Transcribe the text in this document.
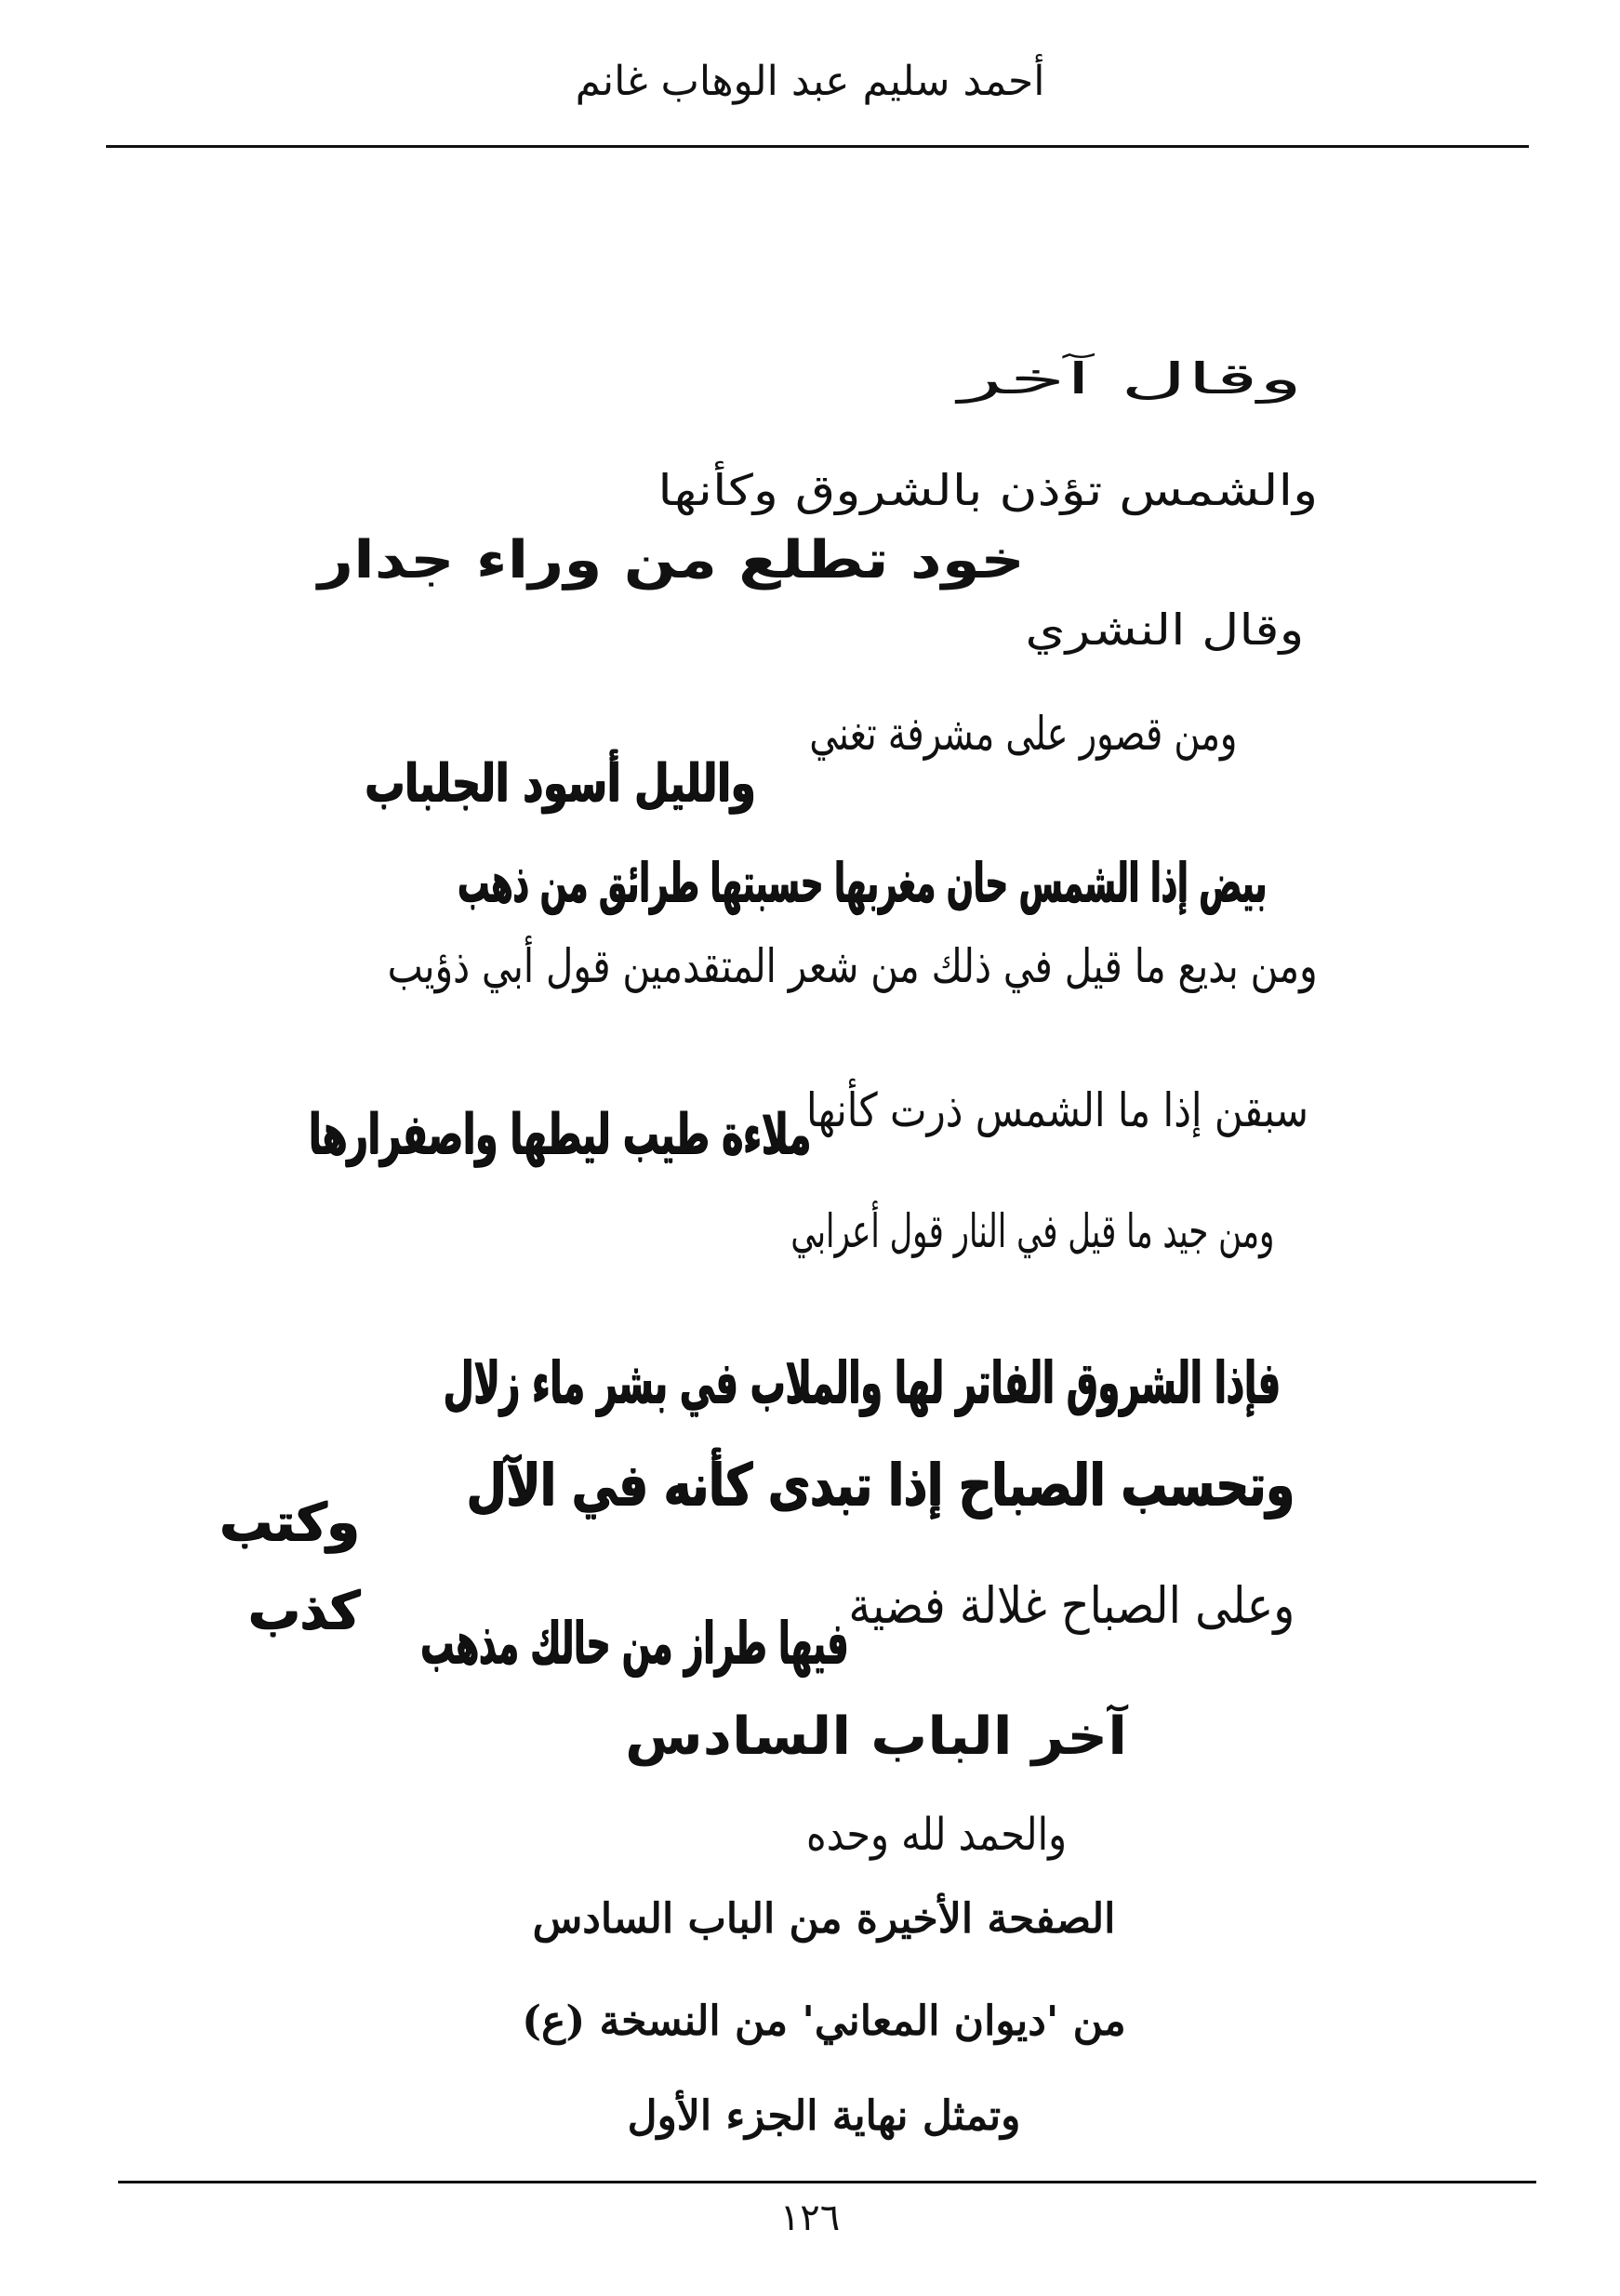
أحمد سليم عبد الوهاب غانم
وقال آخر
والشمس تؤذن بالشروق وكأنها
خود تطلع من وراء جدار
وقال النشري
ومن قصور على مشرفة تغني
والليل أسود الجلباب
بيض إذا الشمس حان مغربها حسبتها طرائق من ذهب
ومن بديع ما قيل في ذلك من شعر المتقدمين قول أبي ذؤيب
سبقن إذا ما الشمس ذرت كأنها
ملاءة طيب ليطها واصفرارها
ومن جيد ما قيل في النار قول أعرابي
فإذا الشروق الفاتر لها والملاب في بشر ماء زلال
وتحسب الصباح إذا تبدى كأنه في الآل
وعلى الصباح غلالة فضية
فيها طراز من حالك مذهب
آخر الباب السادس
والحمد لله وحده
وكتب
كذب
الصفحة الأخيرة من الباب السادس
من 'ديوان المعاني' من النسخة (ع)
وتمثل نهاية الجزء الأول
١٢٦
